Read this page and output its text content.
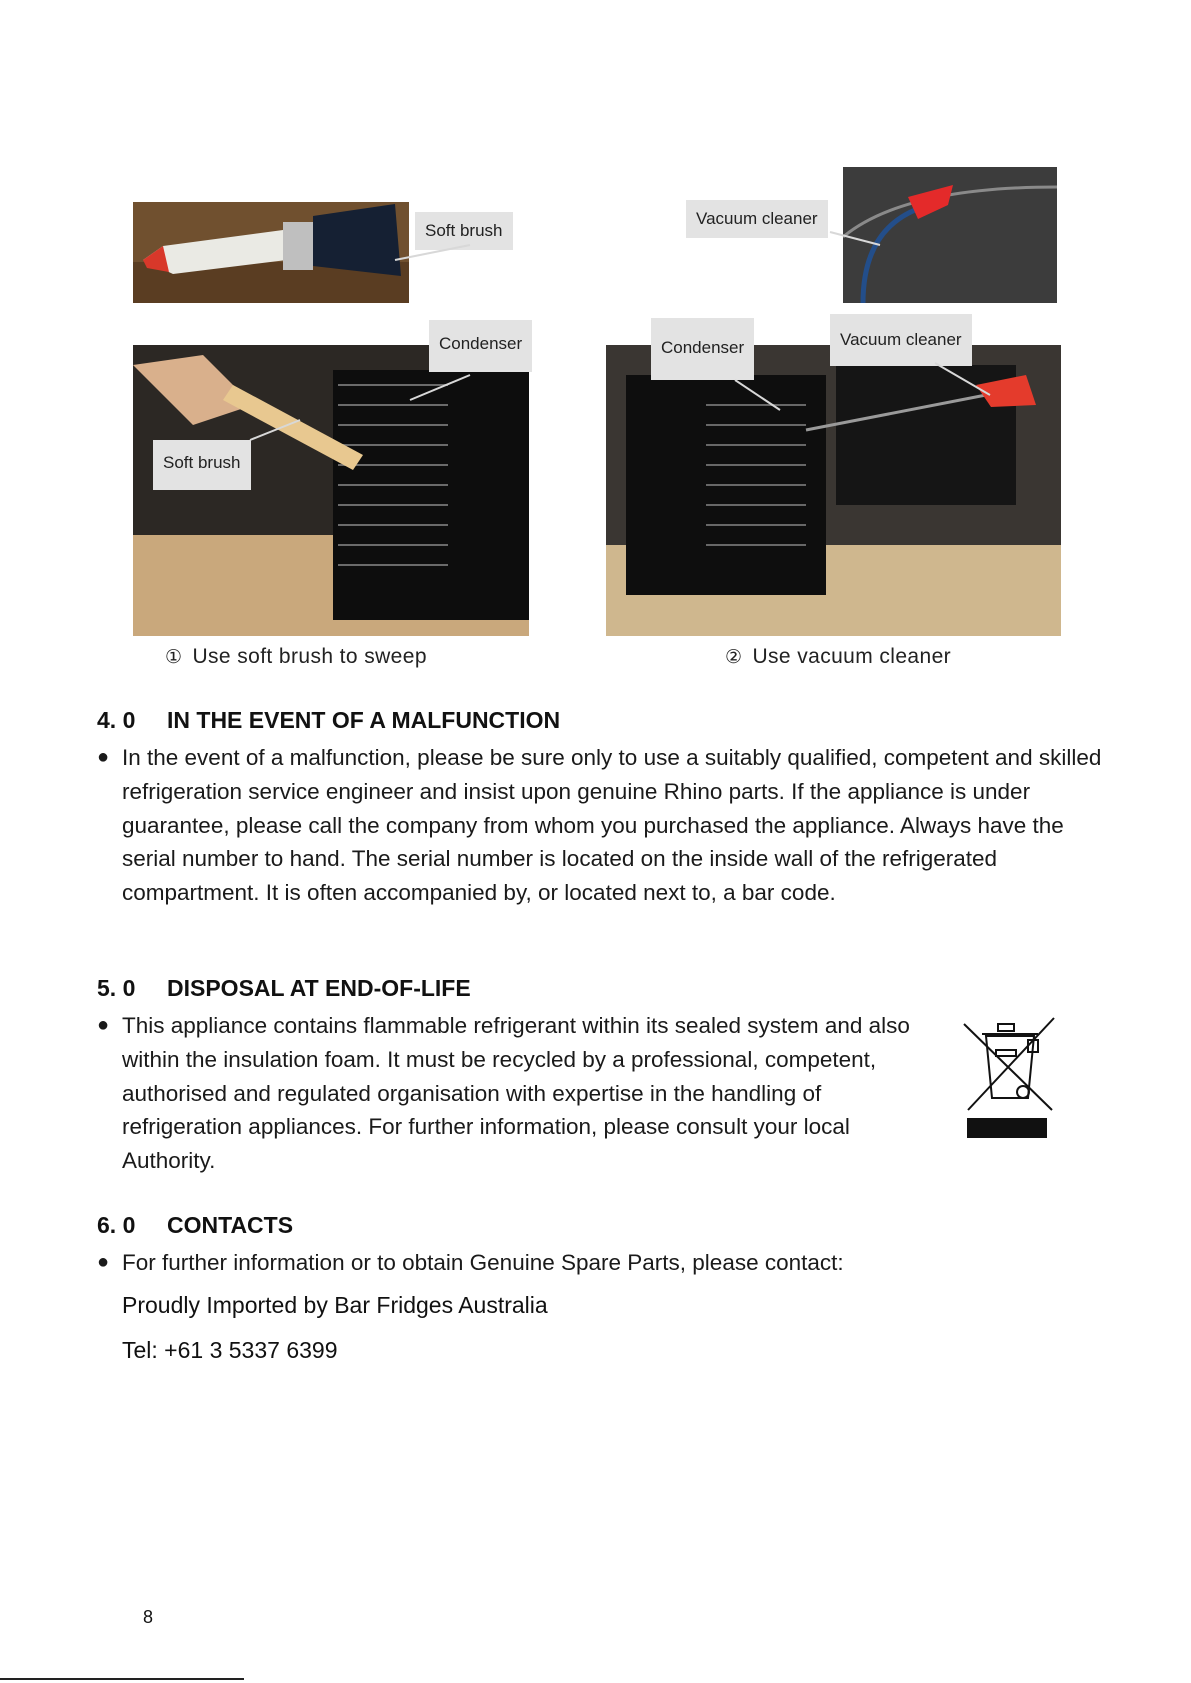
Soft brush
Vacuum cleaner
Condenser
Soft brush
Condenser	Vacuum cleaner
① Use soft brush to sweep	② Use vacuum cleaner
4. 0 IN THE EVENT OF A MALFUNCTION
● In the event of a malfunction, please be sure only to use a suitably qualified, competent and skilled refrigeration service engineer and insist upon genuine Rhino parts. If the appliance is under guarantee, please call the company from whom you purchased the appliance. Always have the serial number to hand. The serial number is located on the inside wall of the refrigerated compartment. It is often accompanied by, or located next to, a bar code.
5. 0 DISPOSAL AT END-OF-LIFE
● This appliance contains flammable refrigerant within its sealed system and also within the insulation foam. It must be recycled by a professional, competent, authorised and regulated organisation with expertise in the handling of refrigeration appliances. For further information, please consult your local Authority.
6. 0 CONTACTS
● For further information or to obtain Genuine Spare Parts, please contact:
Proudly Imported by Bar Fridges Australia
Tel: +61 3 5337 6399
8
